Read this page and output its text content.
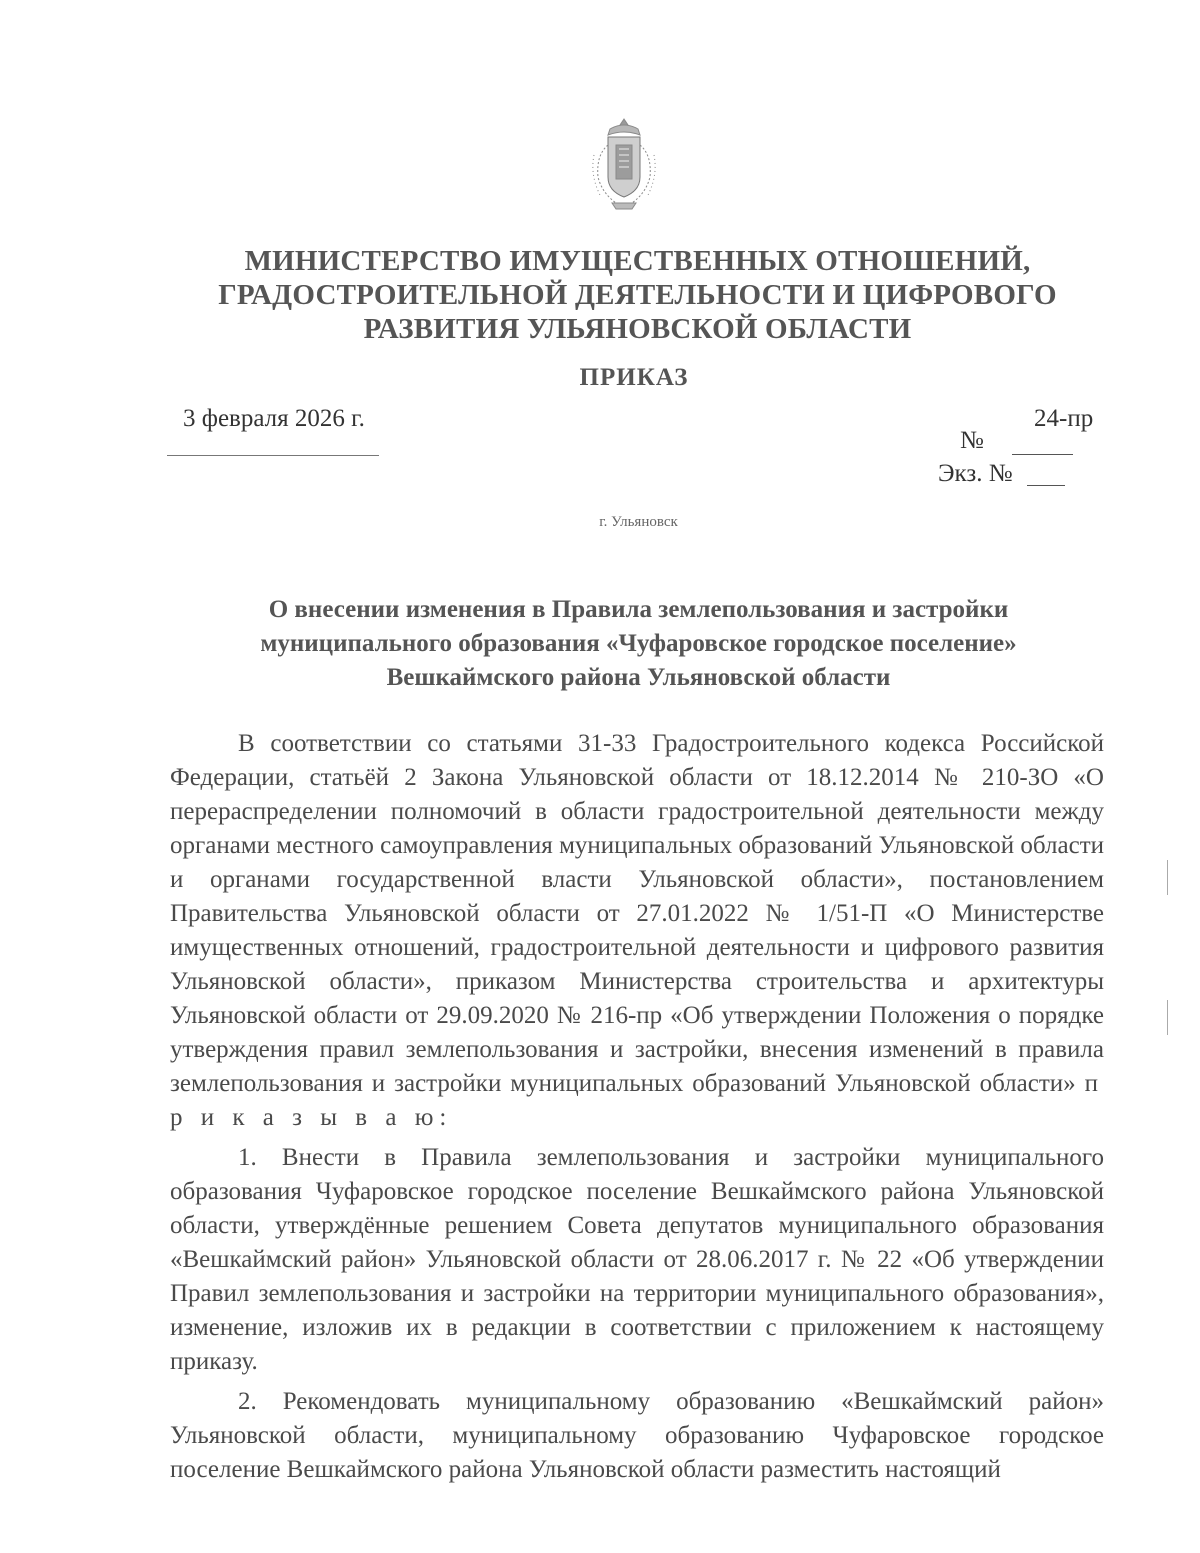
МИНИСТЕРСТВО ИМУЩЕСТВЕННЫХ ОТНОШЕНИЙ,
ГРАДОСТРОИТЕЛЬНОЙ ДЕЯТЕЛЬНОСТИ И ЦИФРОВОГО
РАЗВИТИЯ УЛЬЯНОВСКОЙ ОБЛАСТИ
ПРИКАЗ
3 февраля 2026 г.	24-пр
№
Экз. №
г. Ульяновск
О внесении изменения в Правила землепользования и застройки
муниципального образования «Чуфаровское городское поселение»
Вешкаймского района Ульяновской области

В соответствии со статьями 31-33 Градостроительного кодекса Российской Федерации, статьёй 2 Закона Ульяновской области от 18.12.2014 № 210-ЗО «О перераспределении полномочий в области градостроительной деятельности между органами местного самоуправления муниципальных образований Ульяновской области и органами государственной власти Ульяновской области», постановлением Правительства Ульяновской области от 27.01.2022 № 1/51-П «О Министерстве имущественных отношений, градостроительной деятельности и цифрового развития Ульяновской области», приказом Министерства строительства и архитектуры Ульяновской области от 29.09.2020 № 216-пр «Об утверждении Положения о порядке утверждения правил землепользования и застройки, внесения изменений в правила землепользования и застройки муниципальных образований Ульяновской области» п р и к а з ы в а ю:

1. Внести в Правила землепользования и застройки муниципального образования Чуфаровское городское поселение Вешкаймского района Ульяновской области, утверждённые решением Совета депутатов муниципального образования «Вешкаймский район» Ульяновской области от 28.06.2017 г. № 22 «Об утверждении Правил землепользования и застройки на территории муниципального образования», изменение, изложив их в редакции в соответствии с приложением к настоящему приказу.

2. Рекомендовать муниципальному образованию «Вешкаймский район» Ульяновской области, муниципальному образованию Чуфаровское городское поселение Вешкаймского района Ульяновской области разместить настоящий
